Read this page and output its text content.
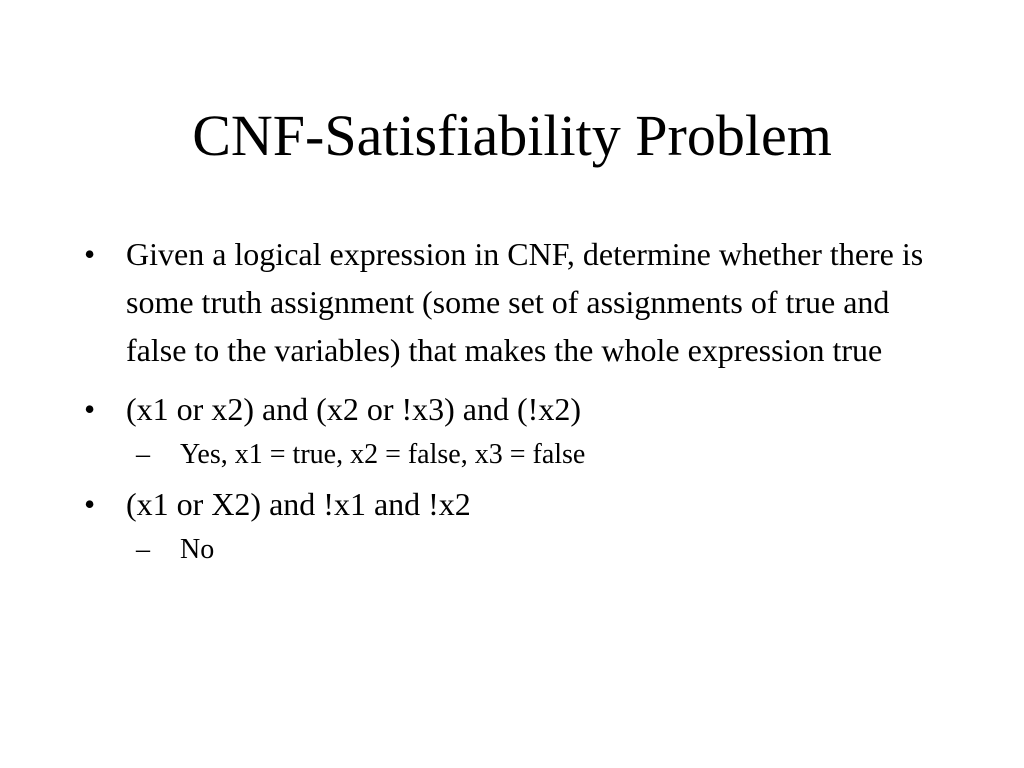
CNF-Satisfiability Problem
• Given a logical expression in CNF, determine whether there is some truth assignment (some set of assignments of true and false to the variables) that makes the whole expression true
• (x1 or x2) and (x2 or !x3) and (!x2)
–	Yes, x1 = true, x2 = false, x3 = false
• (x1 or X2) and !x1 and !x2
–	No
